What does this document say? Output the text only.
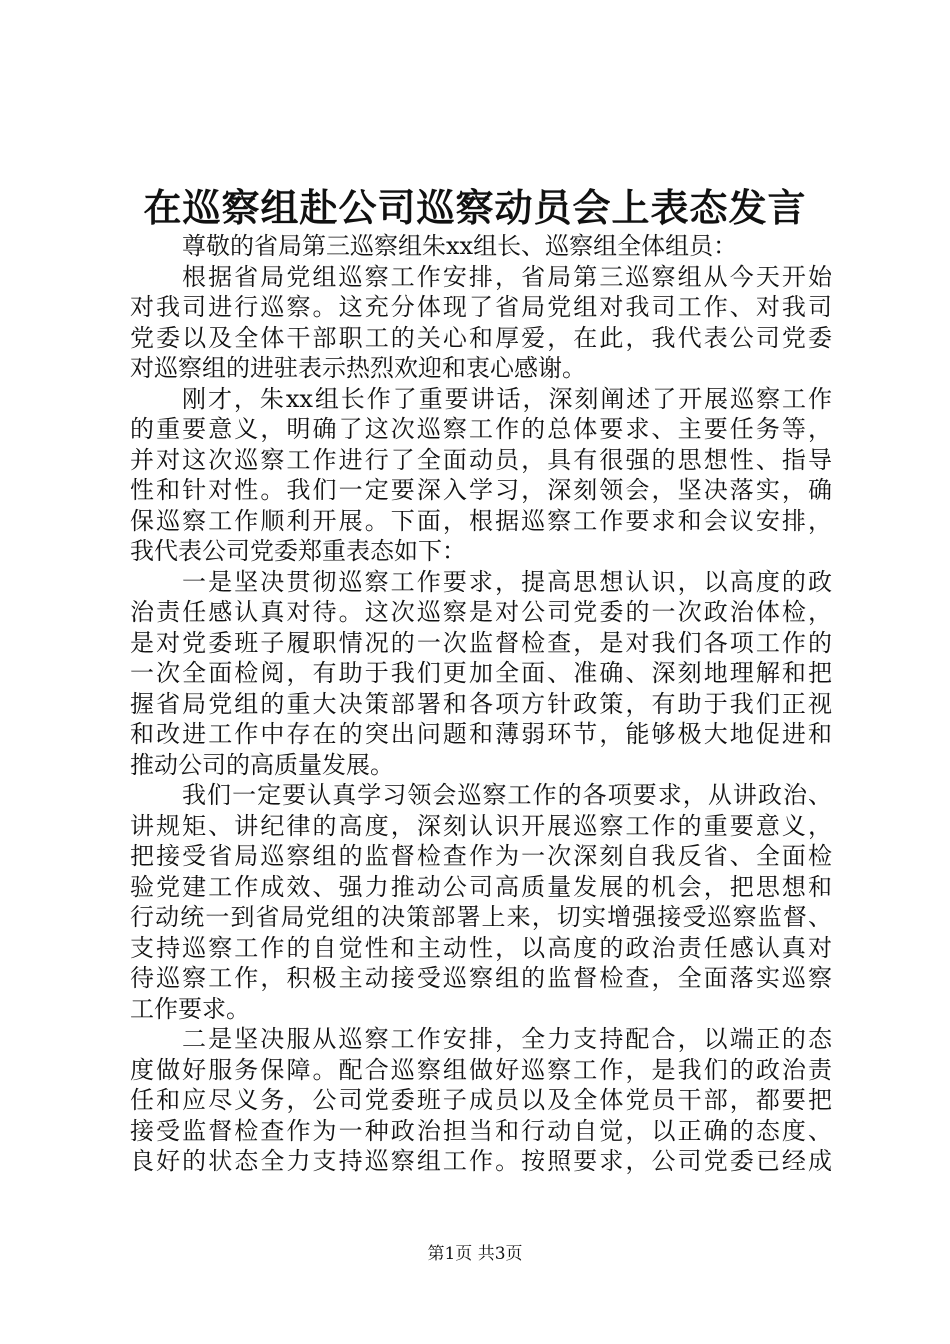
在巡察组赴公司巡察动员会上表态发言
尊敬的省局第三巡察组朱xx组长、巡察组全体组员：
根据省局党组巡察工作安排，省局第三巡察组从今天开始
对我司进行巡察。这充分体现了省局党组对我司工作、对我司
党委以及全体干部职工的关心和厚爱，在此，我代表公司党委
对巡察组的进驻表示热烈欢迎和衷心感谢。
刚才，朱xx组长作了重要讲话，深刻阐述了开展巡察工作
的重要意义，明确了这次巡察工作的总体要求、主要任务等，
并对这次巡察工作进行了全面动员，具有很强的思想性、指导
性和针对性。我们一定要深入学习，深刻领会，坚决落实，确
保巡察工作顺利开展。下面，根据巡察工作要求和会议安排，
我代表公司党委郑重表态如下：
一是坚决贯彻巡察工作要求，提高思想认识，以高度的政
治责任感认真对待。这次巡察是对公司党委的一次政治体检，
是对党委班子履职情况的一次监督检查，是对我们各项工作的
一次全面检阅，有助于我们更加全面、准确、深刻地理解和把
握省局党组的重大决策部署和各项方针政策，有助于我们正视
和改进工作中存在的突出问题和薄弱环节，能够极大地促进和
推动公司的高质量发展。
我们一定要认真学习领会巡察工作的各项要求，从讲政治、
讲规矩、讲纪律的高度，深刻认识开展巡察工作的重要意义，
把接受省局巡察组的监督检查作为一次深刻自我反省、全面检
验党建工作成效、强力推动公司高质量发展的机会，把思想和
行动统一到省局党组的决策部署上来，切实增强接受巡察监督、
支持巡察工作的自觉性和主动性，以高度的政治责任感认真对
待巡察工作，积极主动接受巡察组的监督检查，全面落实巡察
工作要求。
二是坚决服从巡察工作安排，全力支持配合，以端正的态
度做好服务保障。配合巡察组做好巡察工作，是我们的政治责
任和应尽义务，公司党委班子成员以及全体党员干部，都要把
接受监督检查作为一种政治担当和行动自觉，以正确的态度、
良好的状态全力支持巡察组工作。按照要求，公司党委已经成
第1页 共3页
